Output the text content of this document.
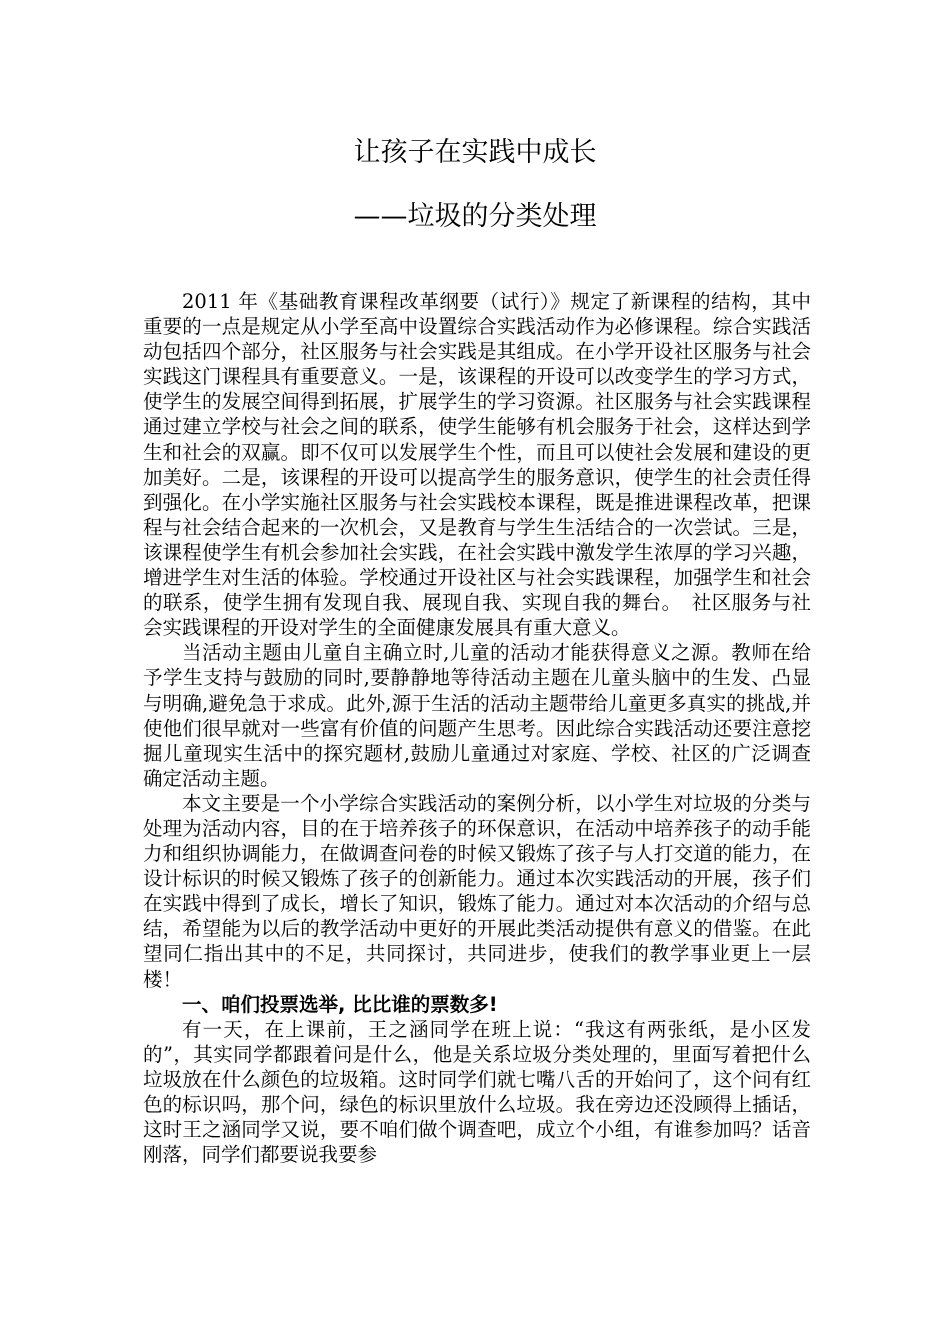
让孩子在实践中成长
——垃圾的分类处理

2011 年《基础教育课程改革纲要（试行）》规定了新课程的结构，其中重要的一点是规定从小学至高中设置综合实践活动作为必修课程。综合实践活动包括四个部分，社区服务与社会实践是其组成。在小学开设社区服务与社会实践这门课程具有重要意义。一是，该课程的开设可以改变学生的学习方式，使学生的发展空间得到拓展，扩展学生的学习资源。社区服务与社会实践课程通过建立学校与社会之间的联系，使学生能够有机会服务于社会，这样达到学生和社会的双赢。即不仅可以发展学生个性，而且可以使社会发展和建设的更加美好。二是，该课程的开设可以提高学生的服务意识，使学生的社会责任得到强化。在小学实施社区服务与社会实践校本课程，既是推进课程改革，把课程与社会结合起来的一次机会，又是教育与学生生活结合的一次尝试。三是，该课程使学生有机会参加社会实践，在社会实践中激发学生浓厚的学习兴趣，增进学生对生活的体验。学校通过开设社区与社会实践课程，加强学生和社会的联系，使学生拥有发现自我、展现自我、实现自我的舞台。　社区服务与社会实践课程的开设对学生的全面健康发展具有重大意义。

当活动主题由儿童自主确立时,儿童的活动才能获得意义之源。教师在给予学生支持与鼓励的同时,要静静地等待活动主题在儿童头脑中的生发、凸显与明确,避免急于求成。此外,源于生活的活动主题带给儿童更多真实的挑战,并使他们很早就对一些富有价值的问题产生思考。因此综合实践活动还要注意挖掘儿童现实生活中的探究题材,鼓励儿童通过对家庭、学校、社区的广泛调查确定活动主题。

本文主要是一个小学综合实践活动的案例分析，以小学生对垃圾的分类与处理为活动内容，目的在于培养孩子的环保意识，在活动中培养孩子的动手能力和组织协调能力，在做调查问卷的时候又锻炼了孩子与人打交道的能力，在设计标识的时候又锻炼了孩子的创新能力。通过本次实践活动的开展，孩子们在实践中得到了成长，增长了知识，锻炼了能力。通过对本次活动的介绍与总结，希望能为以后的教学活动中更好的开展此类活动提供有意义的借鉴。在此望同仁指出其中的不足，共同探讨，共同进步，使我们的教学事业更上一层楼！

一、咱们投票选举, 比比谁的票数多!

有一天，在上课前，王之涵同学在班上说：“我这有两张纸，是小区发的”，其实同学都跟着问是什么，他是关系垃圾分类处理的，里面写着把什么垃圾放在什么颜色的垃圾箱。这时同学们就七嘴八舌的开始问了，这个问有红色的标识吗，那个问，绿色的标识里放什么垃圾。我在旁边还没顾得上插话，这时王之涵同学又说，要不咱们做个调查吧，成立个小组，有谁参加吗？话音刚落，同学们都要说我要参
